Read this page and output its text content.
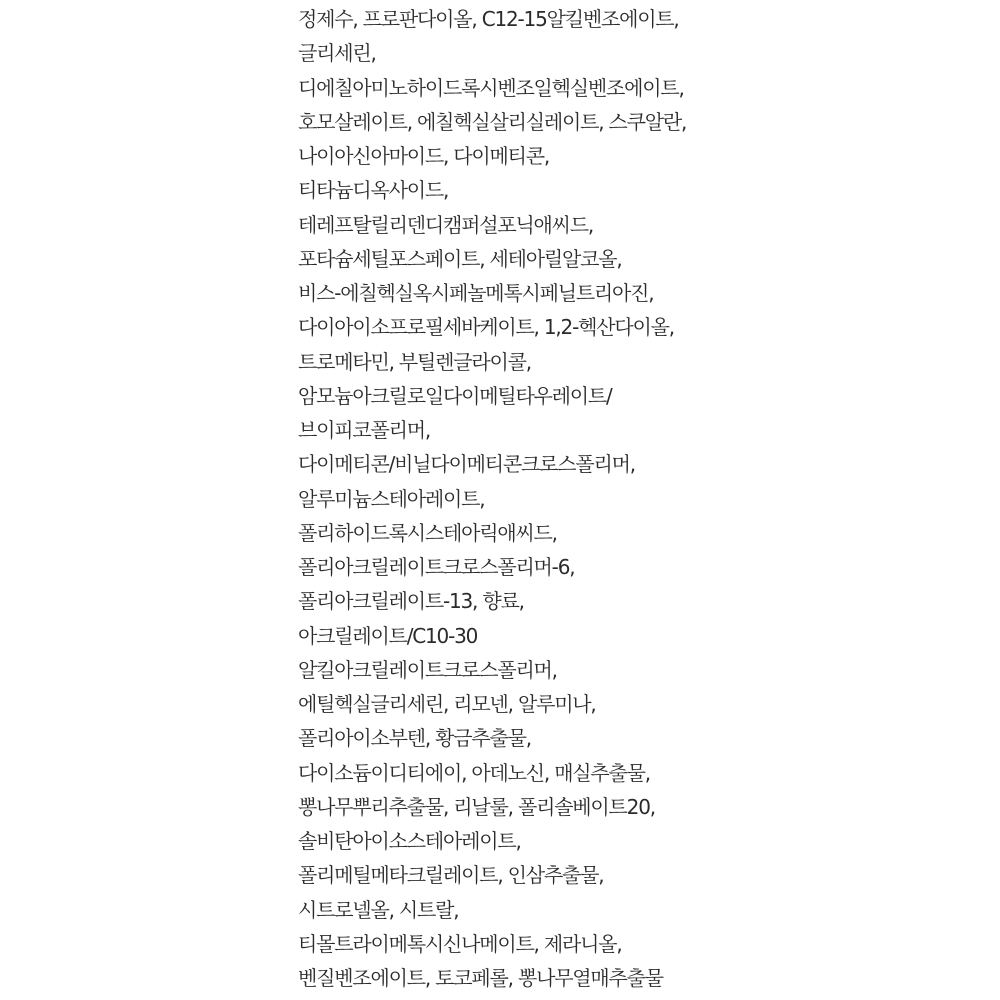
정제수, 프로판다이올, C12-15알킬벤조에이트,
글리세린,
디에칠아미노하이드록시벤조일헥실벤조에이트,
호모살레이트, 에칠헥실살리실레이트, 스쿠알란,
나이아신아마이드, 다이메티콘,
티타늄디옥사이드,
테레프탈릴리덴디캠퍼설포닉애씨드,
포타슘세틸포스페이트, 세테아릴알코올,
비스-에칠헥실옥시페놀메톡시페닐트리아진,
다이아이소프로필세바케이트, 1,2-헥산다이올,
트로메타민, 부틸렌글라이콜,
암모늄아크릴로일다이메틸타우레이트/
브이피코폴리머,
다이메티콘/비닐다이메티콘크로스폴리머,
알루미늄스테아레이트,
폴리하이드록시스테아릭애씨드,
폴리아크릴레이트크로스폴리머-6,
폴리아크릴레이트-13, 향료,
아크릴레이트/C10-30
알킬아크릴레이트크로스폴리머,
에틸헥실글리세린, 리모넨, 알루미나,
폴리아이소부텐, 황금추출물,
다이소듐이디티에이, 아데노신, 매실추출물,
뽕나무뿌리추출물, 리날룰, 폴리솔베이트20,
솔비탄아이소스테아레이트,
폴리메틸메타크릴레이트, 인삼추출물,
시트로넬올, 시트랄,
티몰트라이메톡시신나메이트, 제라니올,
벤질벤조에이트, 토코페롤, 뽕나무열매추출물
